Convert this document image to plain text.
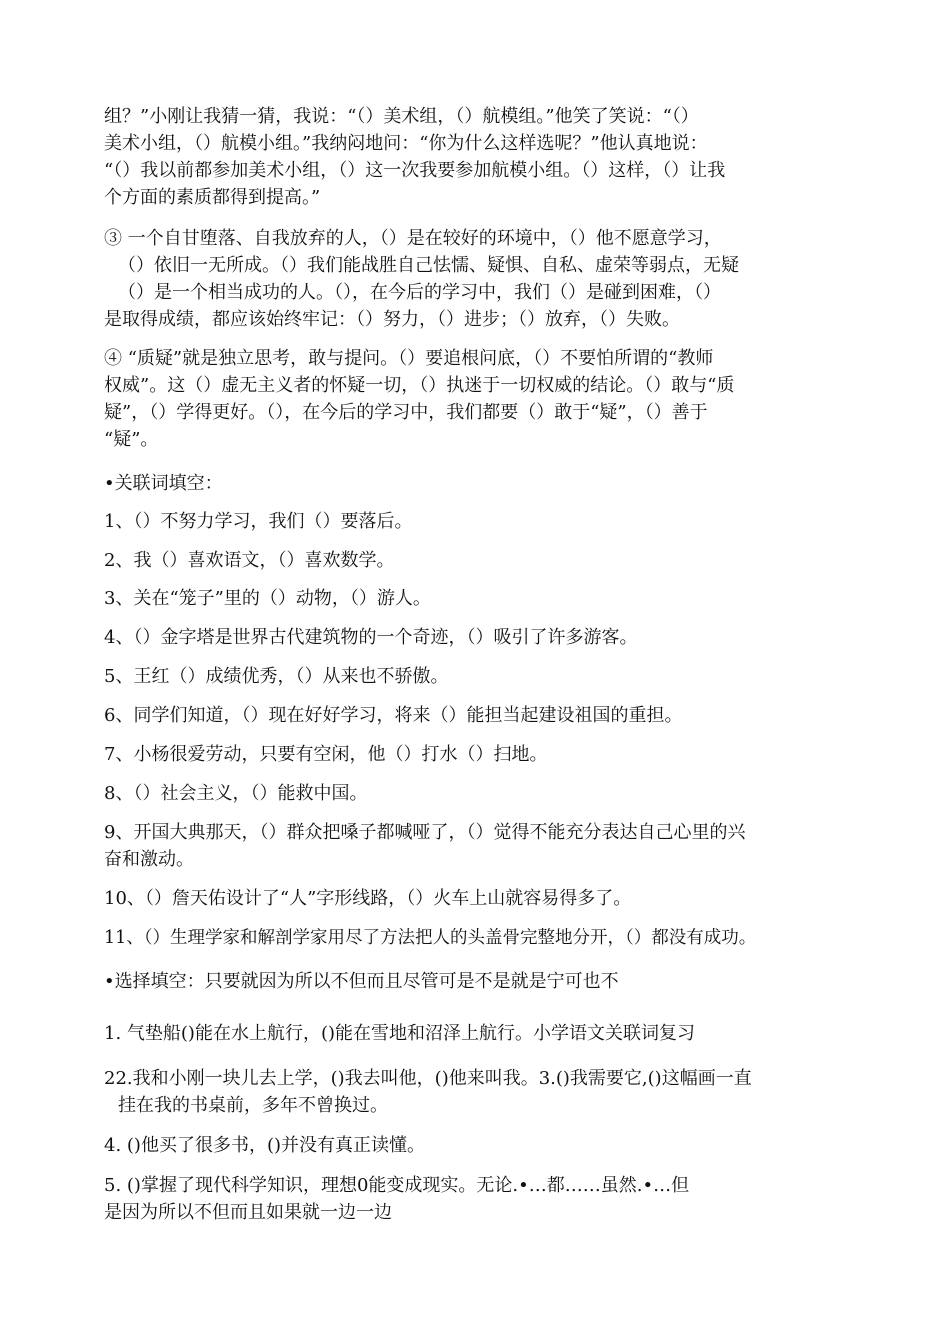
组？”小刚让我猜一猜，我说：“（）美术组，（）航模组。”他笑了笑说：“（）
美术小组，（）航模小组。”我纳闷地问：“你为什么这样选呢？”他认真地说：
“（）我以前都参加美术小组，（）这一次我要参加航模小组。（）这样，（）让我
个方面的素质都得到提高。”
③ 一个自甘堕落、自我放弃的人，（）是在较好的环境中，（）他不愿意学习，
（）依旧一无所成。（）我们能战胜自己怯懦、疑惧、自私、虚荣等弱点，无疑
（）是一个相当成功的人。（），在今后的学习中，我们（）是碰到困难，（）
是取得成绩，都应该始终牢记：（）努力，（）进步；（）放弃，（）失败。
④ “质疑”就是独立思考，敢与提问。（）要追根问底，（）不要怕所谓的“教师
权威”。这（）虚无主义者的怀疑一切，（）执迷于一切权威的结论。（）敢与“质
疑”，（）学得更好。（），在今后的学习中，我们都要（）敢于“疑”，（）善于
“疑”。
•关联词填空：
1、（）不努力学习，我们（）要落后。
2、我（）喜欢语文，（）喜欢数学。
3、关在“笼子”里的（）动物，（）游人。
4、（）金字塔是世界古代建筑物的一个奇迹，（）吸引了许多游客。
5、王红（）成绩优秀，（）从来也不骄傲。
6、同学们知道，（）现在好好学习，将来（）能担当起建设祖国的重担。
7、小杨很爱劳动，只要有空闲，他（）打水（）扫地。
8、（）社会主义，（）能救中国。
9、开国大典那天，（）群众把嗓子都喊哑了，（）觉得不能充分表达自己心里的兴
奋和激动。
10、（）詹天佑设计了“人”字形线路，（）火车上山就容易得多了。
11、（）生理学家和解剖学家用尽了方法把人的头盖骨完整地分开，（）都没有成功。
•选择填空：只要就因为所以不但而且尽管可是不是就是宁可也不
1. 气垫船()能在水上航行，()能在雪地和沼泽上航行。小学语文关联词复习
22.我和小刚一块儿去上学，()我去叫他，()他来叫我。3.()我需要它,()这幅画一直
挂在我的书桌前，多年不曾换过。
4. ()他买了很多书，()并没有真正读懂。
5. ()掌握了现代科学知识，理想0能变成现实。无论.•…都……虽然.•…但
是因为所以不但而且如果就一边一边
